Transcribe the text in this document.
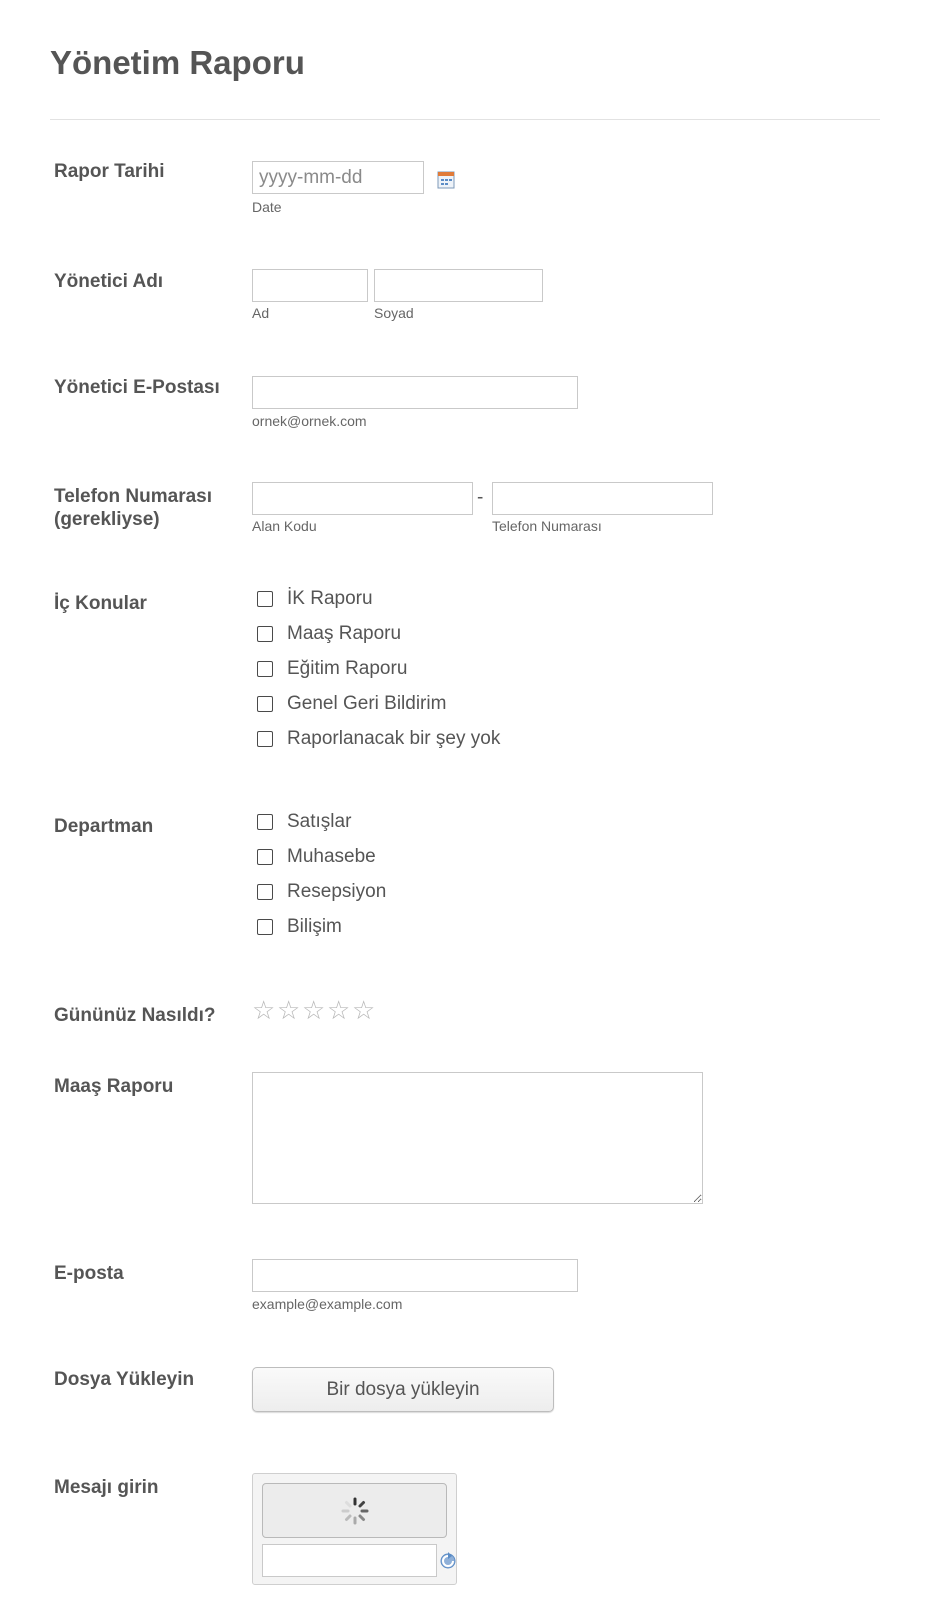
Yönetim Raporu
Rapor Tarihi
yyyy-mm-dd
Date
Yönetici Adı
Ad	Soyad
Yönetici E-Postası
ornek@ornek.com
Telefon Numarası (gerekliyse)
-
Alan Kodu	Telefon Numarası
İç Konular	İK Raporu
Maaş Raporu
Eğitim Raporu
Genel Geri Bildirim
Raporlanacak bir şey yok
Departman	Satışlar
Muhasebe
Resepsiyon
Bilişim
Gününüz Nasıldı?	☆ ☆ ☆ ☆ ☆
Maaş Raporu
E-posta
example@example.com
Dosya Yükleyin	Bir dosya yükleyin
Mesajı girin
